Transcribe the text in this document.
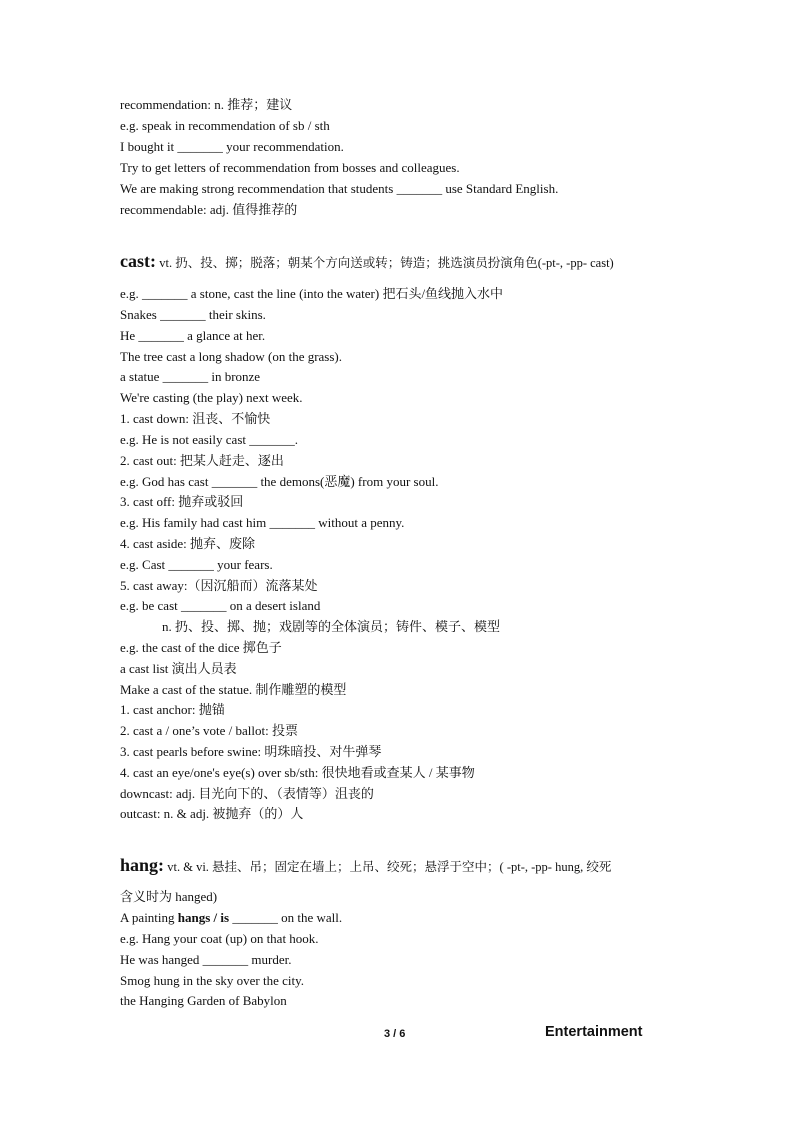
recommendation: n. 推荐；建议
e.g. speak in recommendation of sb / sth
I bought it _______ your recommendation.
Try to get letters of recommendation from bosses and colleagues.
We are making strong recommendation that students _______ use Standard English.
recommendable: adj. 值得推荐的
cast: vt. 扔、投、掷；脱落；朝某个方向送或转；铸造；挑选演员扮演角色(-pt-, -pp- cast)
e.g. _______ a stone, cast the line (into the water) 把石头/鱼线抛入水中
Snakes _______ their skins.
He _______ a glance at her.
The tree cast a long shadow (on the grass).
a statue _______ in bronze
We're casting (the play) next week.
1. cast down: 沮丧、不愉快
e.g. He is not easily cast _______.
2. cast out: 把某人赶走、逐出
e.g. God has cast _______ the demons(恶魔) from your soul.
3. cast off: 抛弃或驳回
e.g. His family had cast him _______ without a penny.
4. cast aside: 抛弃、废除
e.g. Cast _______ your fears.
5. cast away:（因沉船而）流落某处
e.g. be cast _______ on a desert island
n. 扔、投、掷、抛；戏剧等的全体演员；铸件、模子、模型
e.g. the cast of the dice 掷色子
a cast list 演出人员表
Make a cast of the statue. 制作雕塑的模型
1. cast anchor: 抛锚
2. cast a / one’s vote / ballot: 投票
3. cast pearls before swine: 明珠暗投、对牛弹琴
4. cast an eye/one's eye(s) over sb/sth: 很快地看或查某人 / 某事物
downcast: adj. 目光向下的、（表情等）沮丧的
outcast: n. & adj. 被抛弃（的）人
hang: vt. & vi. 悬挂、吊；固定在墙上；上吊、绞死；悬浮于空中；( -pt-, -pp- hung, 绞死
含义时为 hanged)
A painting hangs / is _______ on the wall.
e.g. Hang your coat (up) on that hook.
He was hanged _______ murder.
Smog hung in the sky over the city.
the Hanging Garden of Babylon
3 / 6	Entertainment
